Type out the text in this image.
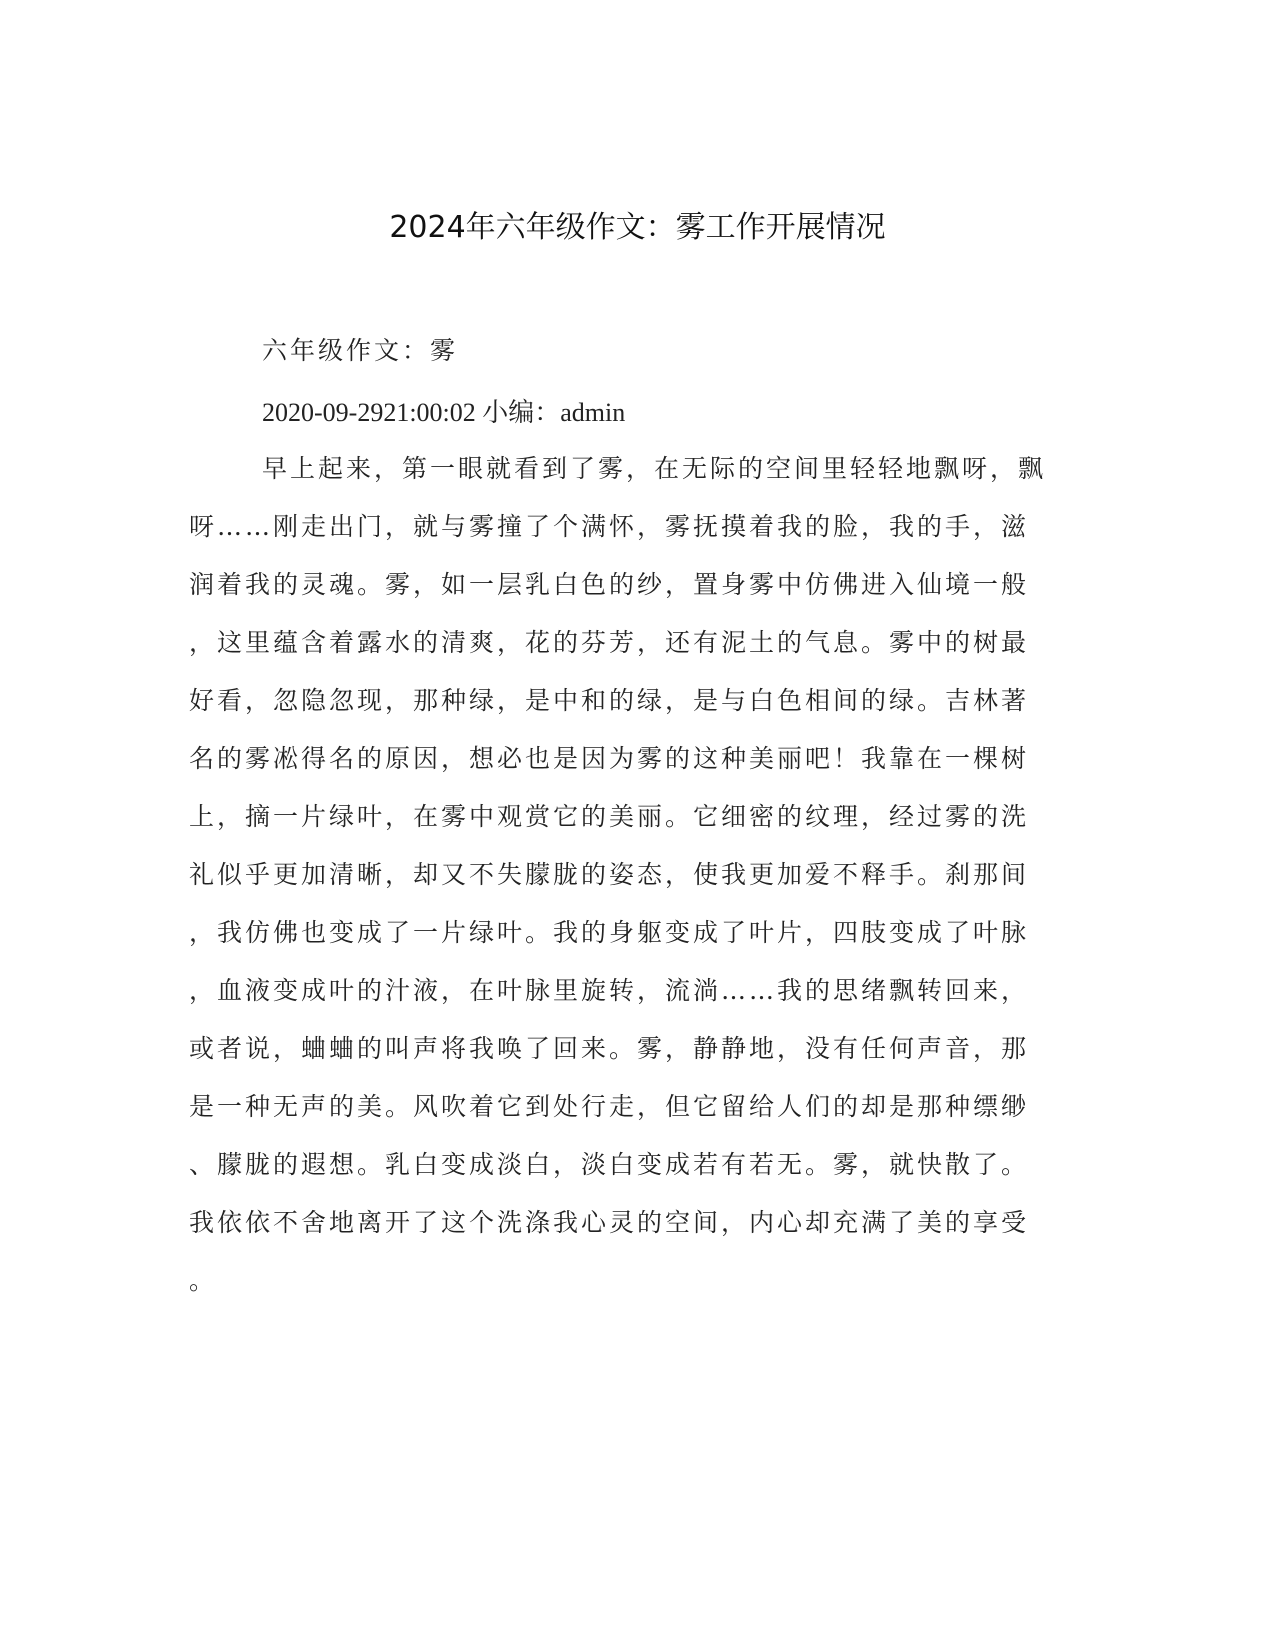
2024年六年级作文：雾工作开展情况
六年级作文：雾
2020-09-2921:00:02 小编：admin
早上起来，第一眼就看到了雾，在无际的空间里轻轻地飘呀，飘
呀……刚走出门，就与雾撞了个满怀，雾抚摸着我的脸，我的手，滋
润着我的灵魂。雾，如一层乳白色的纱，置身雾中仿佛进入仙境一般
，这里蕴含着露水的清爽，花的芬芳，还有泥土的气息。雾中的树最
好看，忽隐忽现，那种绿，是中和的绿，是与白色相间的绿。吉林著
名的雾凇得名的原因，想必也是因为雾的这种美丽吧！我靠在一棵树
上，摘一片绿叶，在雾中观赏它的美丽。它细密的纹理，经过雾的洗
礼似乎更加清晰，却又不失朦胧的姿态，使我更加爱不释手。刹那间
，我仿佛也变成了一片绿叶。我的身躯变成了叶片，四肢变成了叶脉
，血液变成叶的汁液，在叶脉里旋转，流淌……我的思绪飘转回来，
或者说，蛐蛐的叫声将我唤了回来。雾，静静地，没有任何声音，那
是一种无声的美。风吹着它到处行走，但它留给人们的却是那种缥缈
、朦胧的遐想。乳白变成淡白，淡白变成若有若无。雾，就快散了。
我依依不舍地离开了这个洗涤我心灵的空间，内心却充满了美的享受
。
